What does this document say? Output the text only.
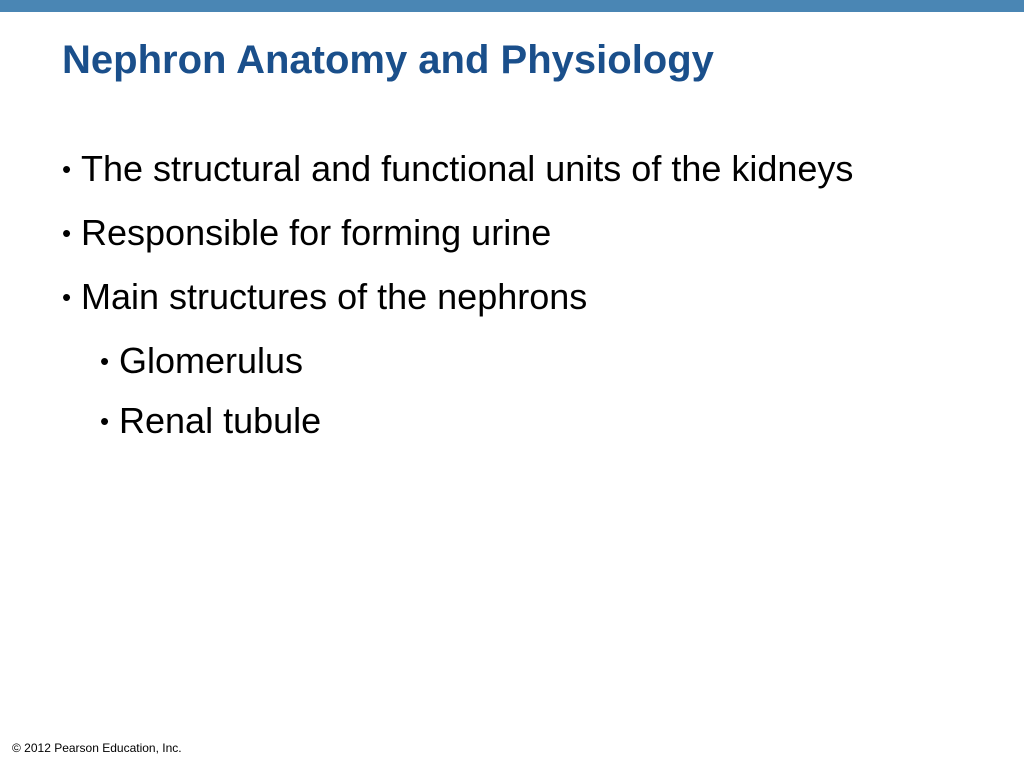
Nephron Anatomy and Physiology
• The structural and functional units of the kidneys
• Responsible for forming urine
• Main structures of the nephrons
• Glomerulus
• Renal tubule
© 2012 Pearson Education, Inc.
